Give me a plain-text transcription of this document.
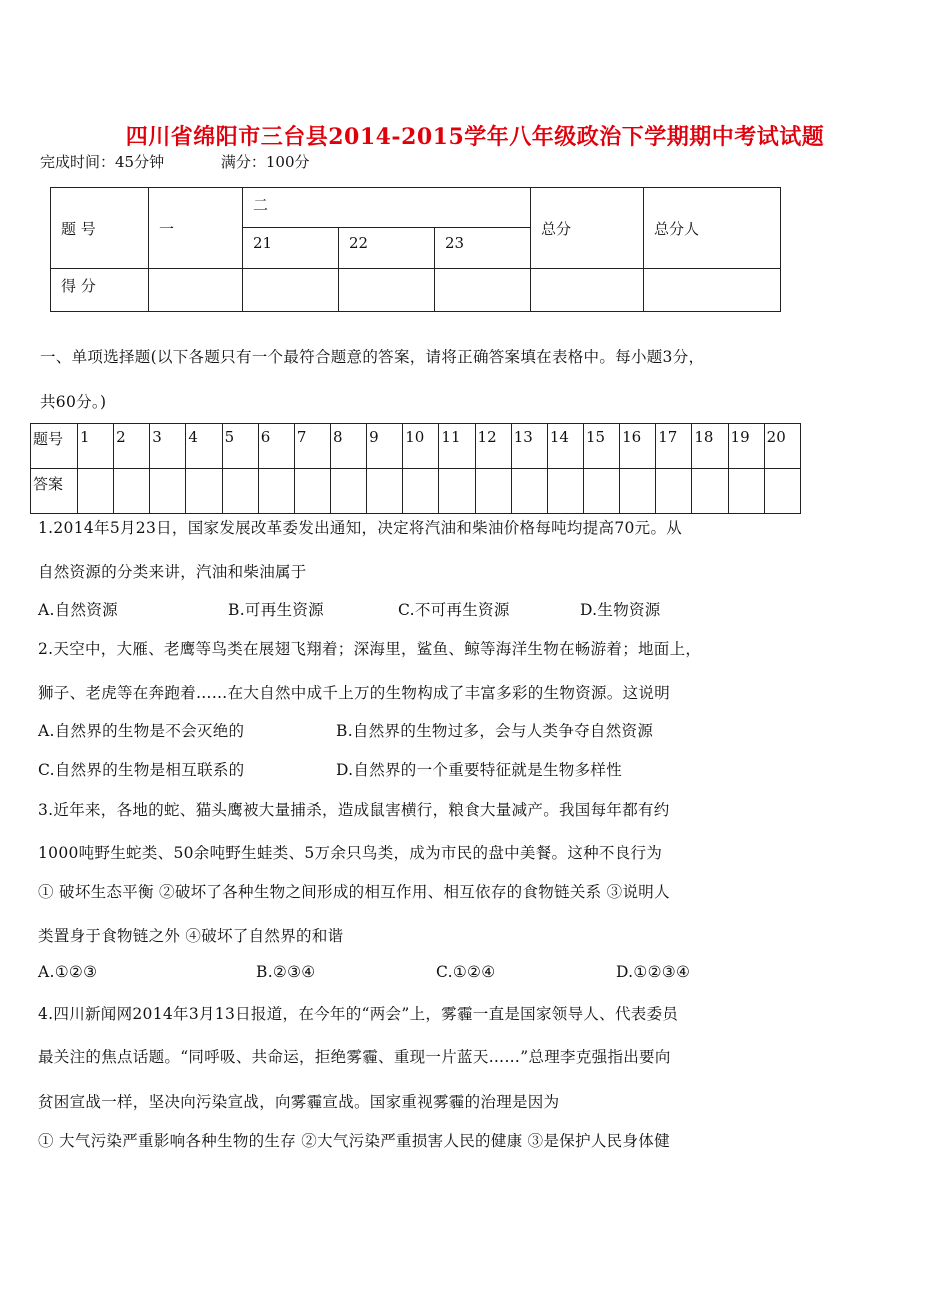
四川省绵阳市三台县2014-2015学年八年级政治下学期期中考试试题
完成时间：45分钟	满分：100分
题 号	一	二			总分	总分人
		21	22	23		
得 分						
一、单项选择题(以下各题只有一个最符合题意的答案，请将正确答案填在表格中。每小题3分，
共60分。)
题号	1	2	3	4	5	6	7	8	9	10	11	12	13	14	15	16	17	18	19	20
答案																				
1.2014年5月23日，国家发展改革委发出通知，决定将汽油和柴油价格每吨均提高70元。从
自然资源的分类来讲，汽油和柴油属于
A.自然资源	B.可再生资源	C.不可再生资源	D.生物资源
2.天空中，大雁、老鹰等鸟类在展翅飞翔着；深海里，鲨鱼、鲸等海洋生物在畅游着；地面上，
狮子、老虎等在奔跑着……在大自然中成千上万的生物构成了丰富多彩的生物资源。这说明
A.自然界的生物是不会灭绝的	B.自然界的生物过多，会与人类争夺自然资源
C.自然界的生物是相互联系的	D.自然界的一个重要特征就是生物多样性
3.近年来，各地的蛇、猫头鹰被大量捕杀，造成鼠害横行，粮食大量减产。我国每年都有约
1000吨野生蛇类、50余吨野生蛙类、5万余只鸟类，成为市民的盘中美餐。这种不良行为
① 破坏生态平衡 ②破坏了各种生物之间形成的相互作用、相互依存的食物链关系 ③说明人
类置身于食物链之外 ④破坏了自然界的和谐
A.①②③	B.②③④	C.①②④	D.①②③④
4.四川新闻网2014年3月13日报道，在今年的“两会”上，雾霾一直是国家领导人、代表委员
最关注的焦点话题。“同呼吸、共命运，拒绝雾霾、重现一片蓝天……”总理李克强指出要向
贫困宣战一样，坚决向污染宣战，向雾霾宣战。国家重视雾霾的治理是因为
① 大气污染严重影响各种生物的生存 ②大气污染严重损害人民的健康 ③是保护人民身体健
